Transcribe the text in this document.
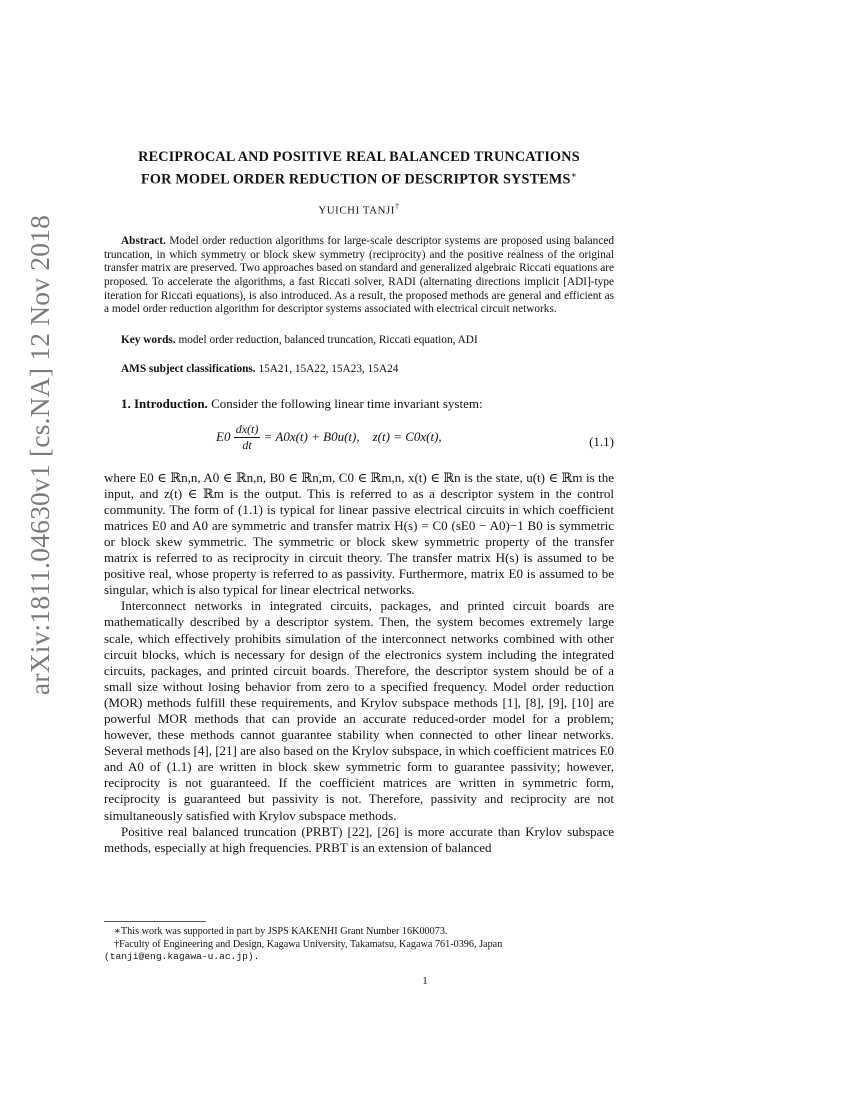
arXiv:1811.04630v1 [cs.NA] 12 Nov 2018
RECIPROCAL AND POSITIVE REAL BALANCED TRUNCATIONS
FOR MODEL ORDER REDUCTION OF DESCRIPTOR SYSTEMS∗
YUICHI TANJI†
Abstract. Model order reduction algorithms for large-scale descriptor systems are proposed using balanced truncation, in which symmetry or block skew symmetry (reciprocity) and the positive realness of the original transfer matrix are preserved. Two approaches based on standard and generalized algebraic Riccati equations are proposed. To accelerate the algorithms, a fast Riccati solver, RADI (alternating directions implicit [ADI]-type iteration for Riccati equations), is also introduced. As a result, the proposed methods are general and efficient as a model order reduction algorithm for descriptor systems associated with electrical circuit networks.
Key words. model order reduction, balanced truncation, Riccati equation, ADI
AMS subject classifications. 15A21, 15A22, 15A23, 15A24
1. Introduction. Consider the following linear time invariant system:
$E0 \frac{dx(t)}{dt} = A0x(t) + B0u(t)$,    z(t) = C0x(t),	(1.1)

where E0 ∈ ℝn,n, A0 ∈ ℝn,n, B0 ∈ ℝn,m, C0 ∈ ℝm,n, x(t) ∈ ℝn is the state, u(t) ∈ ℝm is the input, and z(t) ∈ ℝm is the output. This is referred to as a descriptor system in the control community. The form of (1.1) is typical for linear passive electrical circuits in which coefficient matrices E0 and A0 are symmetric and transfer matrix H(s) = C0 (sE0 − A0)−1 B0 is symmetric or block skew symmetric. The symmetric or block skew symmetric property of the transfer matrix is referred to as reciprocity in circuit theory. The transfer matrix H(s) is assumed to be positive real, whose property is referred to as passivity. Furthermore, matrix E0 is assumed to be singular, which is also typical for linear electrical networks.

Interconnect networks in integrated circuits, packages, and printed circuit boards are mathematically described by a descriptor system. Then, the system becomes extremely large scale, which effectively prohibits simulation of the interconnect networks combined with other circuit blocks, which is necessary for design of the electronics system including the integrated circuits, packages, and printed circuit boards. Therefore, the descriptor system should be of a small size without losing behavior from zero to a specified frequency. Model order reduction (MOR) methods fulfill these requirements, and Krylov subspace methods [1], [8], [9], [10] are powerful MOR methods that can provide an accurate reduced-order model for a problem; however, these methods cannot guarantee stability when connected to other linear networks. Several methods [4], [21] are also based on the Krylov subspace, in which coefficient matrices E0 and A0 of (1.1) are written in block skew symmetric form to guarantee passivity; however, reciprocity is not guaranteed. If the coefficient matrices are written in symmetric form, reciprocity is guaranteed but passivity is not. Therefore, passivity and reciprocity are not simultaneously satisfied with Krylov subspace methods.

Positive real balanced truncation (PRBT) [22], [26] is more accurate than Krylov subspace methods, especially at high frequencies. PRBT is an extension of balanced

∗This work was supported in part by JSPS KAKENHI Grant Number 16K00073.

†Faculty of Engineering and Design, Kagawa University, Takamatsu, Kagawa 761-0396, Japan

(tanji@eng.kagawa-u.ac.jp).

1
